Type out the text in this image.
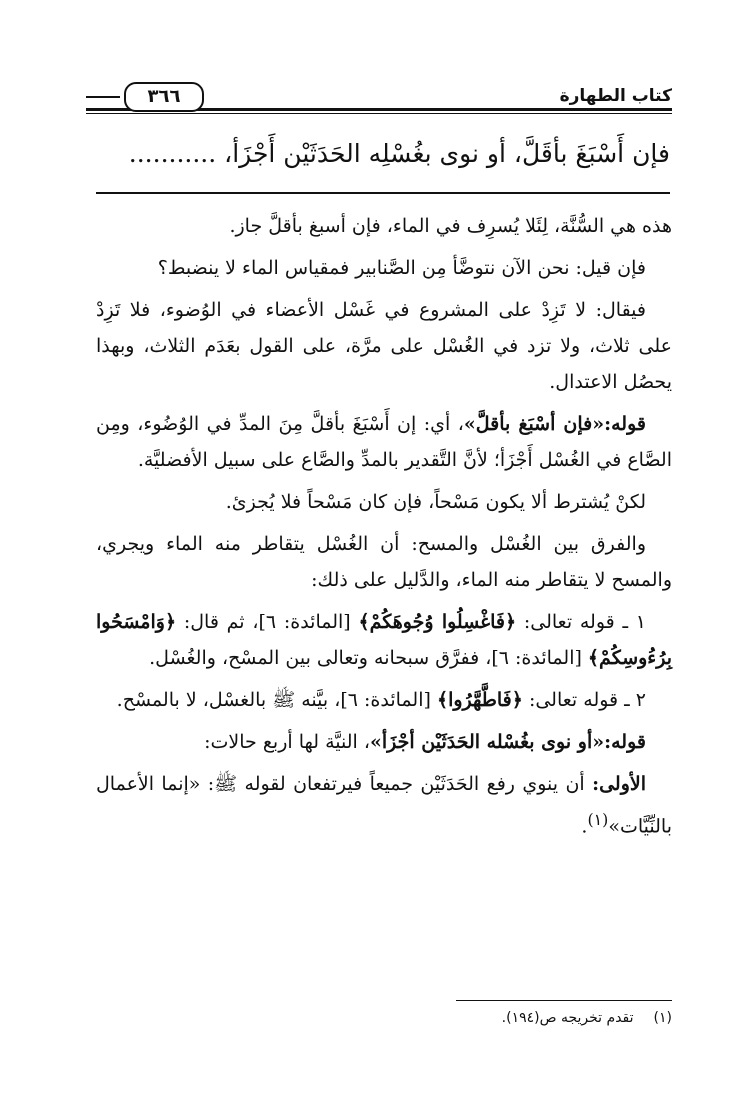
كتاب الطهارة
٣٦٦
فإن أَسْبَغَ بأقَلَّ، أو نوى بغُسْلِه الحَدَثَيْن أَجْزَأ، ...........

هذه هي السُّنَّة، لِئَلا يُسرِف في الماء، فإن أسبغ بأقلَّ جاز.

فإن قيل: نحن الآن نتوضَّأ مِن الصَّنابير فمقياس الماء لا ينضبط؟

فيقال: لا تَزِدْ على المشروع في غَسْل الأعضاء في الوُضوء، فلا تَزِدْ على ثلاث، ولا تزد في الغُسْل على مرَّة، على القول بعَدَم الثلاث، وبهذا يحصُل الاعتدال.

قوله:«فإن أسْبَغ بأقلَّ»، أي: إن أَسْبَغَ بأقلَّ مِنَ المدِّ في الوُضُوء، ومِن الصَّاع في الغُسْل أَجْزَأ؛ لأنَّ التَّقدير بالمدِّ والصَّاع على سبيل الأفضليَّة.

لكنْ يُشترط ألا يكون مَسْحاً، فإن كان مَسْحاً فلا يُجزئ.

والفرق بين الغُسْل والمسح: أن الغُسْل يتقاطر منه الماء ويجري، والمسح لا يتقاطر منه الماء، والدَّليل على ذلك:

١ ـ قوله تعالى: ﴿فَاغْسِلُوا وُجُوهَكُمْ﴾ [المائدة: ٦]، ثم قال: ﴿وَامْسَحُوا بِرُءُوسِكُمْ﴾ [المائدة: ٦]، ففرَّق سبحانه وتعالى بين المسْح، والغُسْل.

٢ ـ قوله تعالى: ﴿فَاطَّهَّرُوا﴾ [المائدة: ٦]، بيَّنه ﷺ بالغسْل، لا بالمسْح.

قوله:«أو نوى بغُسْله الحَدَثَيْن أجْزَأ»، النيَّة لها أربع حالات:

الأولى: أن ينوي رفع الحَدَثَيْن جميعاً فيرتفعان لقوله ﷺ: «إنما الأعمال بالنِّيَّات»$^{(١)}$.

(١)تقدم تخريجه ص(١٩٤).
